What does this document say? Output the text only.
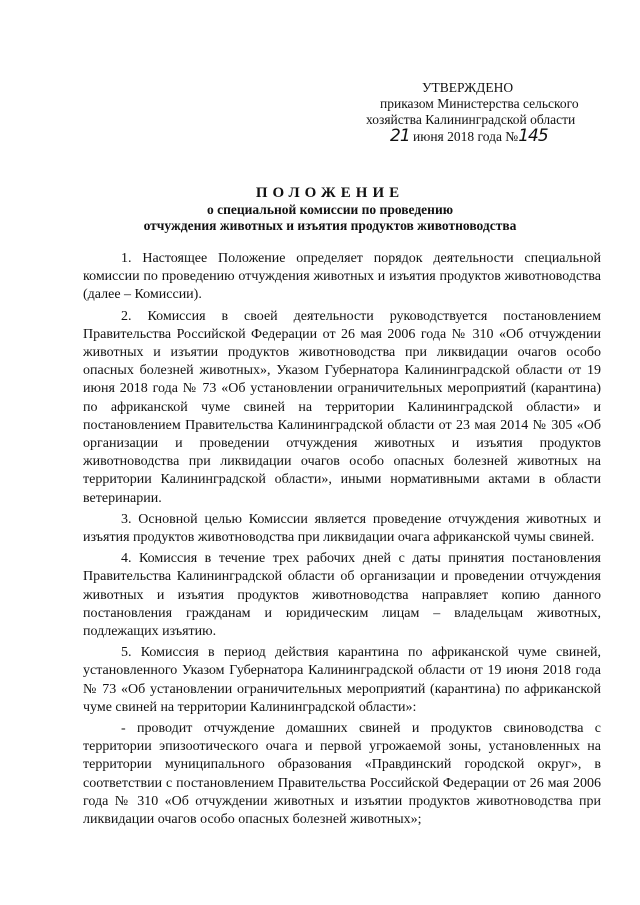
УТВЕРЖДЕНО
приказом Министерства сельского
хозяйства Калининградской области
21 июня 2018 года №145
ПОЛОЖЕНИЕ
о специальной комиссии по проведению
отчуждения животных и изъятия продуктов животноводства

1. Настоящее Положение определяет порядок деятельности специальной комиссии по проведению отчуждения животных и изъятия продуктов животноводства (далее – Комиссии).

2. Комиссия в своей деятельности руководствуется постановлением Правительства Российской Федерации от 26 мая 2006 года № 310 «Об отчуждении животных и изъятии продуктов животноводства при ликвидации очагов особо опасных болезней животных», Указом Губернатора Калининградской области от 19 июня 2018 года № 73 «Об установлении ограничительных мероприятий (карантина) по африканской чуме свиней на территории Калининградской области» и постановлением Правительства Калининградской области от 23 мая 2014 № 305 «Об организации и проведении отчуждения животных и изъятия продуктов животноводства при ликвидации очагов особо опасных болезней животных на территории Калининградской области», иными нормативными актами в области ветеринарии.

3. Основной целью Комиссии является проведение отчуждения животных и изъятия продуктов животноводства при ликвидации очага африканской чумы свиней.

4. Комиссия в течение трех рабочих дней с даты принятия постановления Правительства Калининградской области об организации и проведении отчуждения животных и изъятия продуктов животноводства направляет копию данного постановления гражданам и юридическим лицам – владельцам животных, подлежащих изъятию.

5. Комиссия в период действия карантина по африканской чуме свиней, установленного Указом Губернатора Калининградской области от 19 июня 2018 года № 73 «Об установлении ограничительных мероприятий (карантина) по африканской чуме свиней на территории Калининградской области»:

- проводит отчуждение домашних свиней и продуктов свиноводства с территории эпизоотического очага и первой угрожаемой зоны, установленных на территории муниципального образования «Правдинский городской округ», в соответствии с постановлением Правительства Российской Федерации от 26 мая 2006 года № 310 «Об отчуждении животных и изъятии продуктов животноводства при ликвидации очагов особо опасных болезней животных»;
